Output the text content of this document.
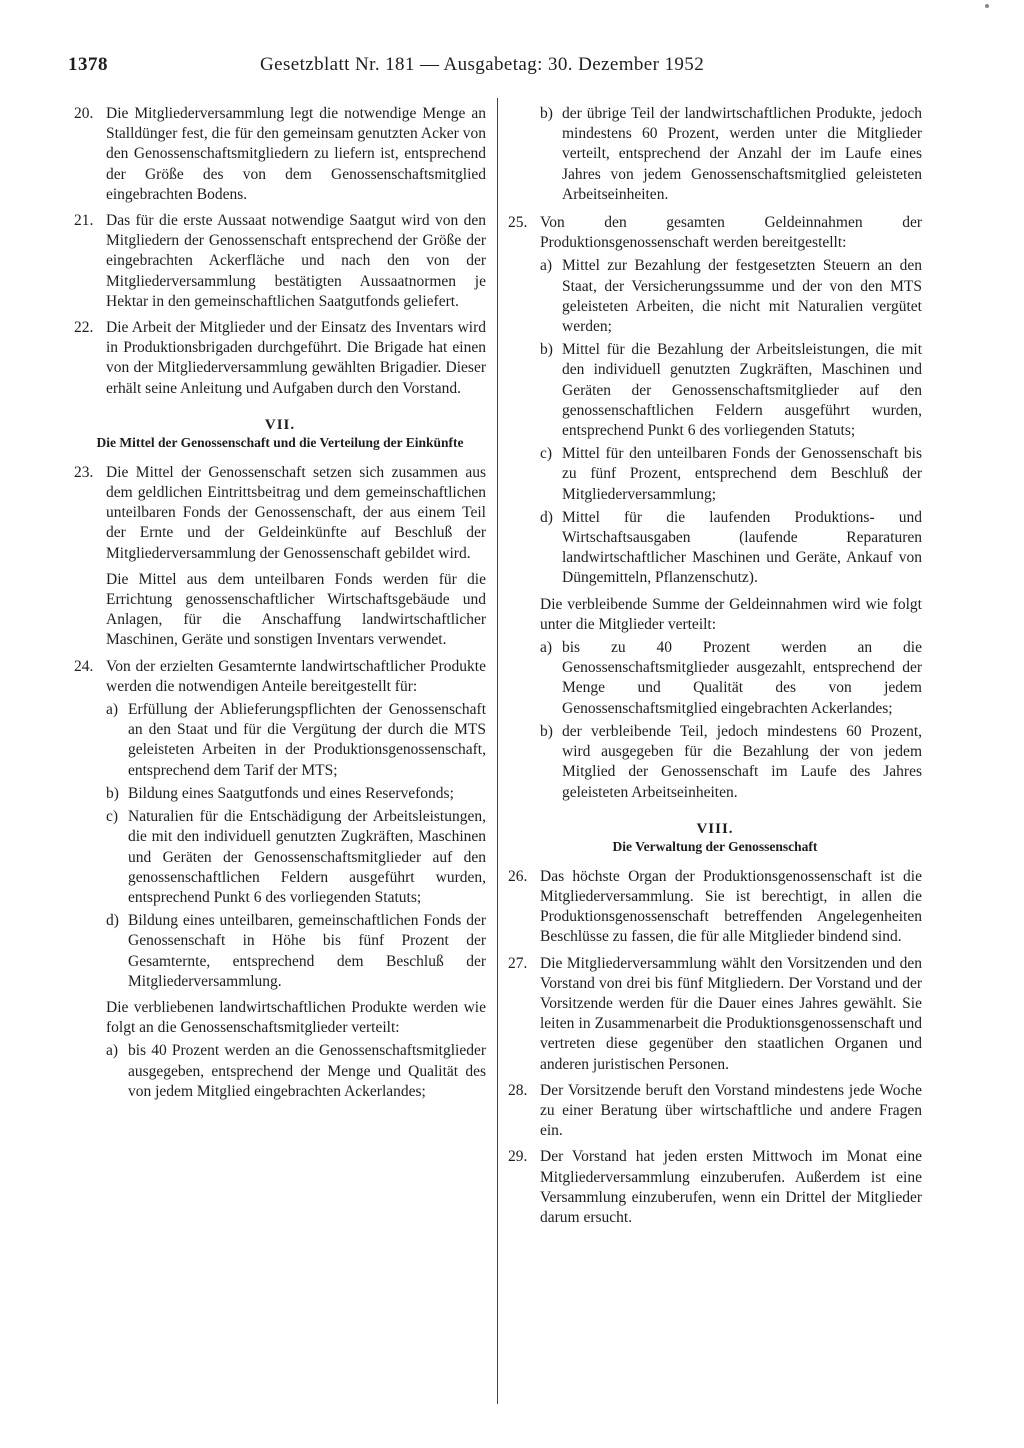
1378	Gesetzblatt Nr. 181 — Ausgabetag: 30. Dezember 1952
20. Die Mitgliederversammlung legt die notwendige Menge an Stalldünger fest, die für den gemeinsam genutzten Acker von den Genossenschaftsmitgliedern zu liefern ist, entsprechend der Größe des von dem Genossenschaftsmitglied eingebrachten Bodens.
21. Das für die erste Aussaat notwendige Saatgut wird von den Mitgliedern der Genossenschaft entsprechend der Größe der eingebrachten Ackerfläche und nach den von der Mitgliederversammlung bestätigten Aussaatnormen je Hektar in den gemeinschaftlichen Saatgutfonds geliefert.
22. Die Arbeit der Mitglieder und der Einsatz des Inventars wird in Produktionsbrigaden durchgeführt. Die Brigade hat einen von der Mitgliederversammlung gewählten Brigadier. Dieser erhält seine Anleitung und Aufgaben durch den Vorstand.
VII.
Die Mittel der Genossenschaft und die Verteilung der Einkünfte
23. Die Mittel der Genossenschaft setzen sich zusammen aus dem geldlichen Eintrittsbeitrag und dem gemeinschaftlichen unteilbaren Fonds der Genossenschaft, der aus einem Teil der Ernte und der Geldeinkünfte auf Beschluß der Mitgliederversammlung der Genossenschaft gebildet wird.
Die Mittel aus dem unteilbaren Fonds werden für die Errichtung genossenschaftlicher Wirtschaftsgebäude und Anlagen, für die Anschaffung landwirtschaftlicher Maschinen, Geräte und sonstigen Inventars verwendet.
24. Von der erzielten Gesamternte landwirtschaftlicher Produkte werden die notwendigen Anteile bereitgestellt für:
a) Erfüllung der Ablieferungspflichten der Genossenschaft an den Staat und für die Vergütung der durch die MTS geleisteten Arbeiten in der Produktionsgenossenschaft, entsprechend dem Tarif der MTS;
b) Bildung eines Saatgutfonds und eines Reservefonds;
c) Naturalien für die Entschädigung der Arbeitsleistungen, die mit den individuell genutzten Zugkräften, Maschinen und Geräten der Genossenschaftsmitglieder auf den genossenschaftlichen Feldern ausgeführt wurden, entsprechend Punkt 6 des vorliegenden Statuts;
d) Bildung eines unteilbaren, gemeinschaftlichen Fonds der Genossenschaft in Höhe bis fünf Prozent der Gesamternte, entsprechend dem Beschluß der Mitgliederversammlung.
Die verbliebenen landwirtschaftlichen Produkte werden wie folgt an die Genossenschaftsmitglieder verteilt:
a) bis 40 Prozent werden an die Genossenschaftsmitglieder ausgegeben, entsprechend der Menge und Qualität des von jedem Mitglied eingebrachten Ackerlandes;
b) der übrige Teil der landwirtschaftlichen Produkte, jedoch mindestens 60 Prozent, werden unter die Mitglieder verteilt, entsprechend der Anzahl der im Laufe eines Jahres von jedem Genossenschaftsmitglied geleisteten Arbeitseinheiten.
25. Von den gesamten Geldeinnahmen der Produktionsgenossenschaft werden bereitgestellt:
a) Mittel zur Bezahlung der festgesetzten Steuern an den Staat, der Versicherungssumme und der von den MTS geleisteten Arbeiten, die nicht mit Naturalien vergütet werden;
b) Mittel für die Bezahlung der Arbeitsleistungen, die mit den individuell genutzten Zugkräften, Maschinen und Geräten der Genossenschaftsmitglieder auf den genossenschaftlichen Feldern ausgeführt wurden, entsprechend Punkt 6 des vorliegenden Statuts;
c) Mittel für den unteilbaren Fonds der Genossenschaft bis zu fünf Prozent, entsprechend dem Beschluß der Mitgliederversammlung;
d) Mittel für die laufenden Produktions- und Wirtschaftsausgaben (laufende Reparaturen landwirtschaftlicher Maschinen und Geräte, Ankauf von Düngemitteln, Pflanzenschutz).
Die verbleibende Summe der Geldeinnahmen wird wie folgt unter die Mitglieder verteilt:
a) bis zu 40 Prozent werden an die Genossenschaftsmitglieder ausgezahlt, entsprechend der Menge und Qualität des von jedem Genossenschaftsmitglied eingebrachten Ackerlandes;
b) der verbleibende Teil, jedoch mindestens 60 Prozent, wird ausgegeben für die Bezahlung der von jedem Mitglied der Genossenschaft im Laufe des Jahres geleisteten Arbeitseinheiten.
VIII.
Die Verwaltung der Genossenschaft
26. Das höchste Organ der Produktionsgenossenschaft ist die Mitgliederversammlung. Sie ist berechtigt, in allen die Produktionsgenossenschaft betreffenden Angelegenheiten Beschlüsse zu fassen, die für alle Mitglieder bindend sind.
27. Die Mitgliederversammlung wählt den Vorsitzenden und den Vorstand von drei bis fünf Mitgliedern. Der Vorstand und der Vorsitzende werden für die Dauer eines Jahres gewählt. Sie leiten in Zusammenarbeit die Produktionsgenossenschaft und vertreten diese gegenüber den staatlichen Organen und anderen juristischen Personen.
28. Der Vorsitzende beruft den Vorstand mindestens jede Woche zu einer Beratung über wirtschaftliche und andere Fragen ein.
29. Der Vorstand hat jeden ersten Mittwoch im Monat eine Mitgliederversammlung einzuberufen. Außerdem ist eine Versammlung einzuberufen, wenn ein Drittel der Mitglieder darum ersucht.
